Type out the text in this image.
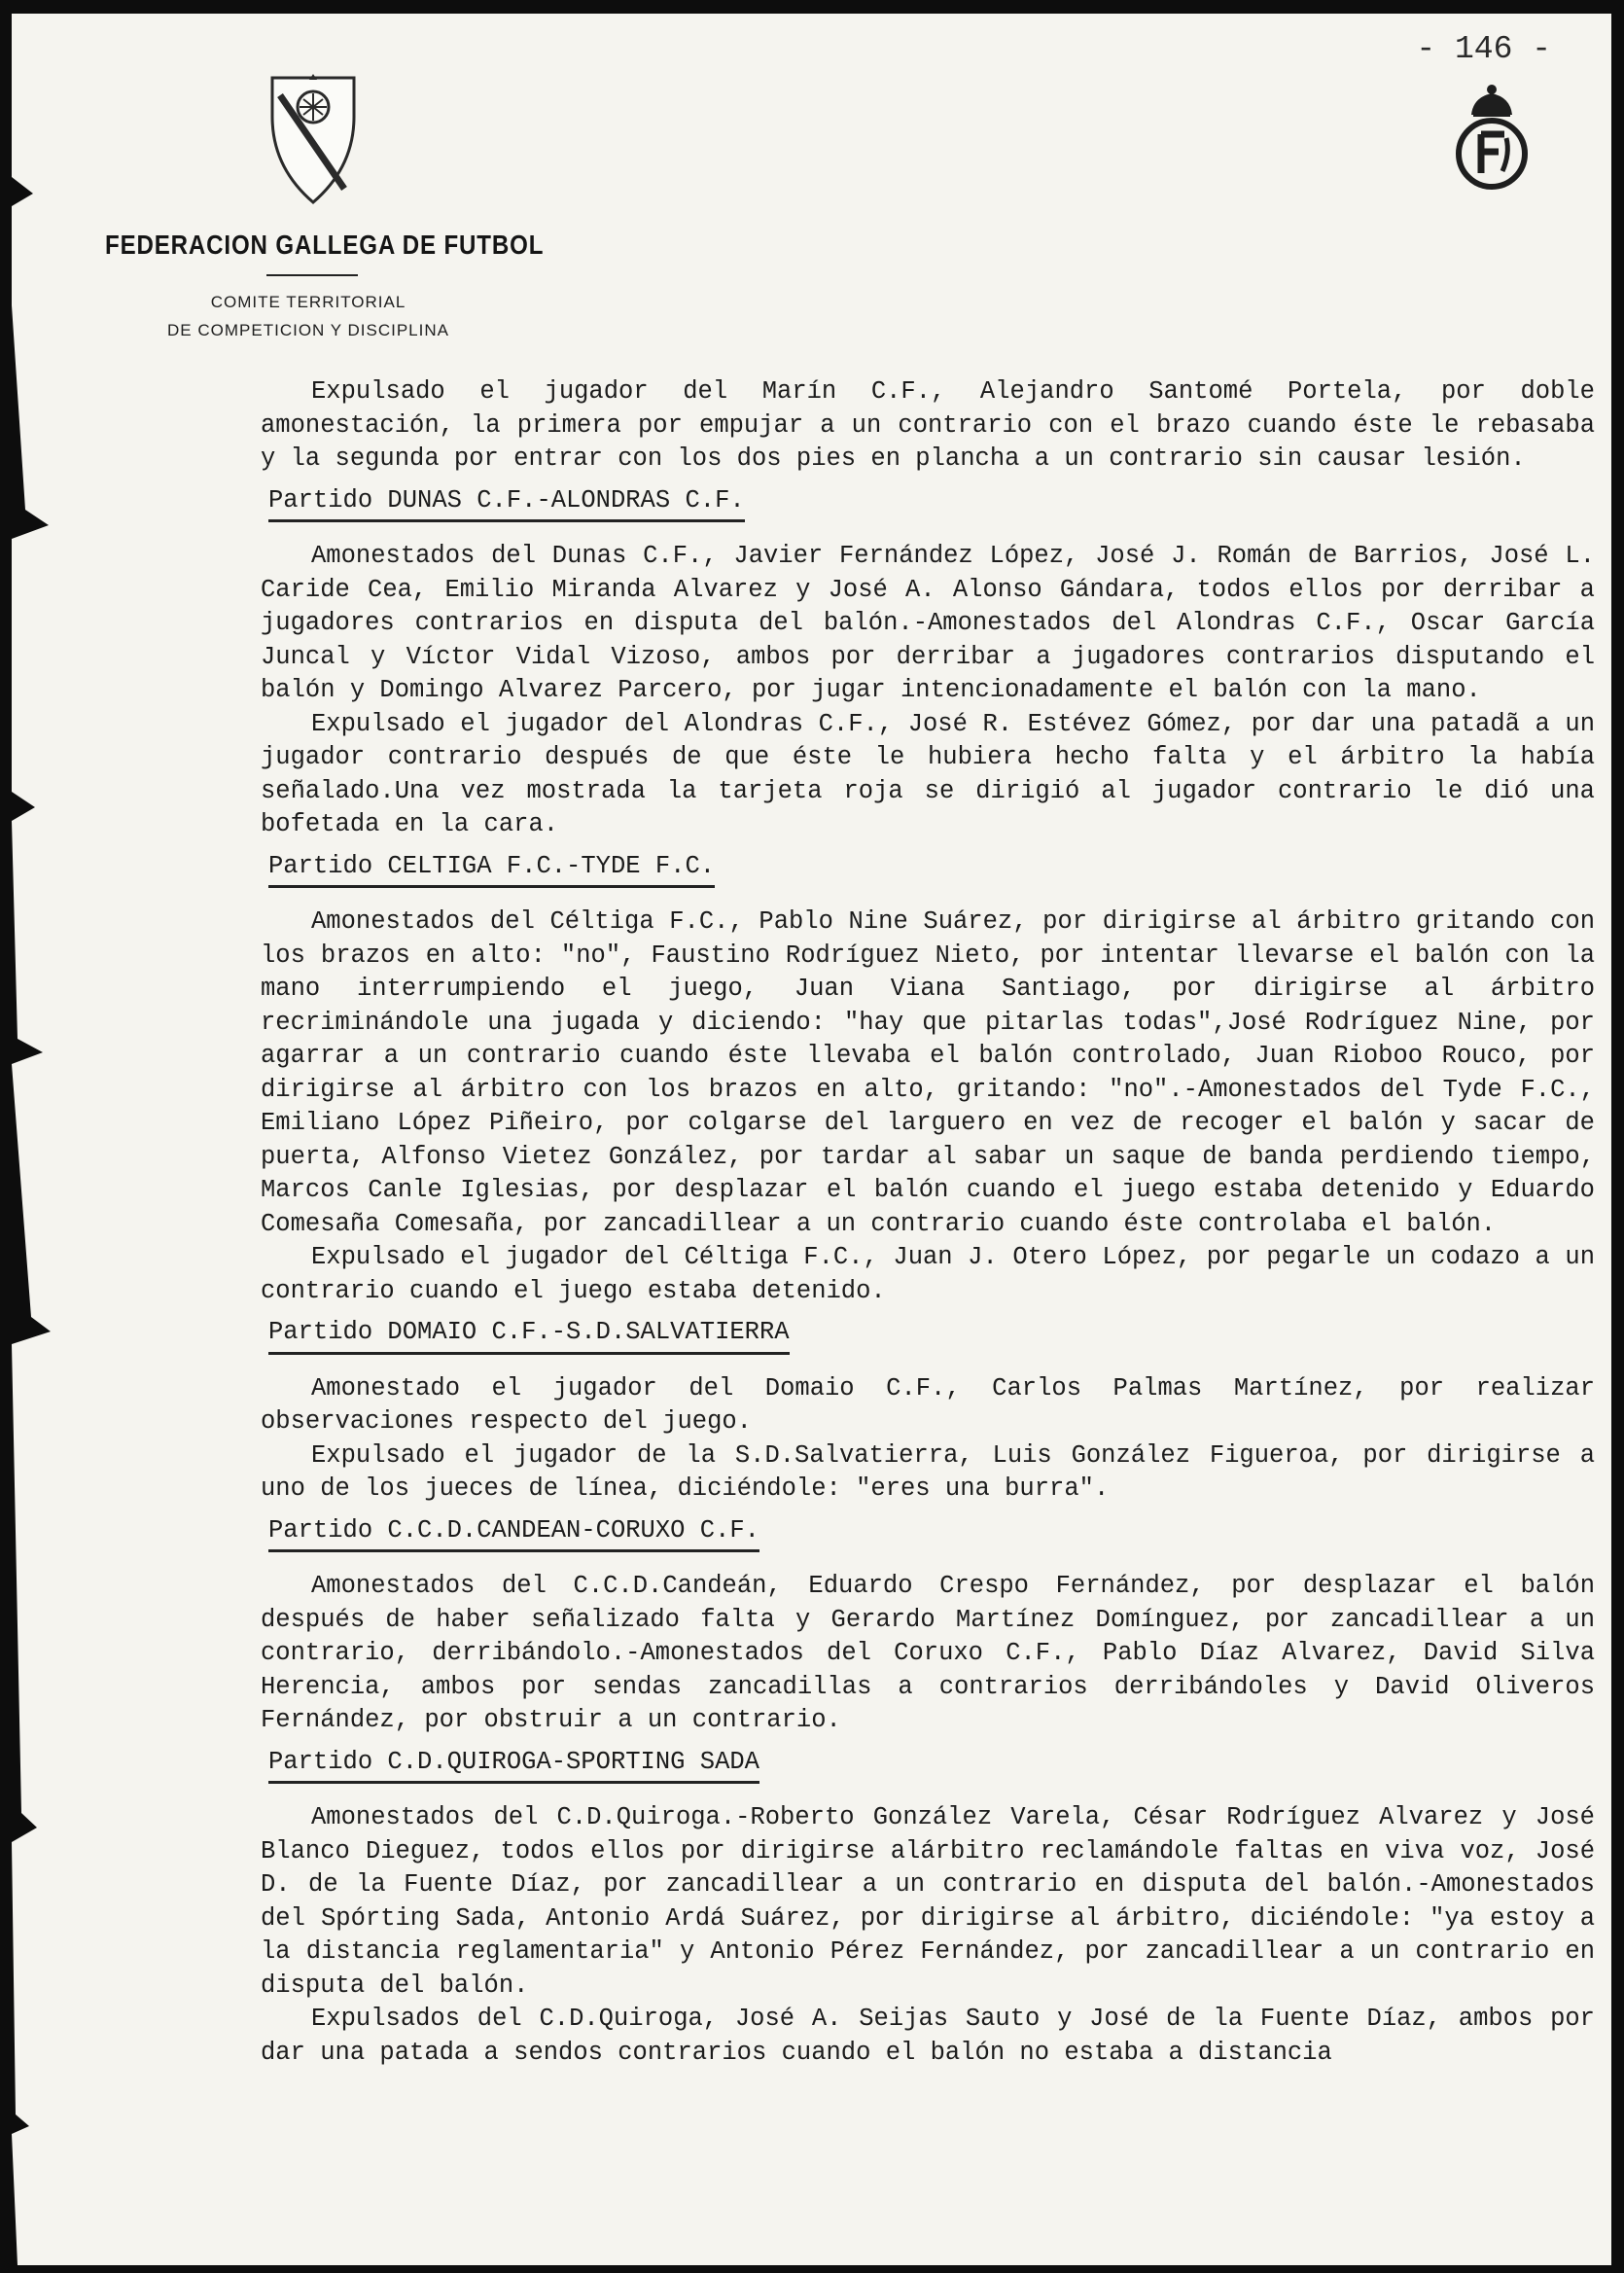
- 146 -
FEDERACION GALLEGA DE FUTBOL
COMITE TERRITORIAL
DE COMPETICION Y DISCIPLINA

Expulsado el jugador del Marín C.F., Alejandro Santomé Portela, por doble amonestación, la primera por empujar a un contrario con el brazo cuando éste le rebasaba y la segunda por entrar con los dos pies en plancha a un contrario sin causar lesión.

Partido DUNAS C.F.-ALONDRAS C.F.

Amonestados del Dunas C.F., Javier Fernández López, José J. Román de Barrios, José L. Caride Cea, Emilio Miranda Alvarez y José A. Alonso Gándara, todos ellos por derribar a jugadores contrarios en disputa del balón.-Amonestados del Alondras C.F., Oscar García Juncal y Víctor Vidal Vizoso, ambos por derribar a jugadores contrarios disputando el balón y Domingo Alvarez Parcero, por jugar intencionadamente el balón con la mano.

Expulsado el jugador del Alondras C.F., José R. Estévez Gómez, por dar una patadã a un jugador contrario después de que éste le hubiera hecho falta y el árbitro la había señalado.Una vez mostrada la tarjeta roja se dirigió al jugador contrario le dió una bofetada en la cara.

Partido CELTIGA F.C.-TYDE F.C.

Amonestados del Céltiga F.C., Pablo Nine Suárez, por dirigirse al árbitro gritando con los brazos en alto: "no", Faustino Rodríguez Nieto, por intentar llevarse el balón con la mano interrumpiendo el juego, Juan Viana Santiago, por dirigirse al árbitro recriminándole una jugada y diciendo: "hay que pitarlas todas",José Rodríguez Nine, por agarrar a un contrario cuando éste llevaba el balón controlado, Juan Rioboo Rouco, por dirigirse al árbitro con los brazos en alto, gritando: "no".-Amonestados del Tyde F.C., Emiliano López Piñeiro, por colgarse del larguero en vez de recoger el balón y sacar de puerta, Alfonso Vietez González, por tardar al sabar un saque de banda perdiendo tiempo, Marcos Canle Iglesias, por desplazar el balón cuando el juego estaba detenido y Eduardo Comesaña Comesaña, por zancadillear a un contrario cuando éste controlaba el balón.

Expulsado el jugador del Céltiga F.C., Juan J. Otero López, por pegarle un codazo a un contrario cuando el juego estaba detenido.

Partido DOMAIO C.F.-S.D.SALVATIERRA

Amonestado el jugador del Domaio C.F., Carlos Palmas Martínez, por realizar observaciones respecto del juego.

Expulsado el jugador de la S.D.Salvatierra, Luis González Figueroa, por dirigirse a uno de los jueces de línea, diciéndole: "eres una burra".

Partido C.C.D.CANDEAN-CORUXO C.F.

Amonestados del C.C.D.Candeán, Eduardo Crespo Fernández, por desplazar el balón después de haber señalizado falta y Gerardo Martínez Domínguez, por zancadillear a un contrario, derribándolo.-Amonestados del Coruxo C.F., Pablo Díaz Alvarez, David Silva Herencia, ambos por sendas zancadillas a contrarios derribándoles y David Oliveros Fernández, por obstruir a un contrario.

Partido C.D.QUIROGA-SPORTING SADA

Amonestados del C.D.Quiroga.-Roberto González Varela, César Rodríguez Alvarez y José Blanco Dieguez, todos ellos por dirigirse alárbitro reclamándole faltas en viva voz, José D. de la Fuente Díaz, por zancadillear a un contrario en disputa del balón.-Amonestados del Spórting Sada, Antonio Ardá Suárez, por dirigirse al árbitro, diciéndole: "ya estoy a la distancia reglamentaria" y Antonio Pérez Fernández, por zancadillear a un contrario en disputa del balón.

Expulsados del C.D.Quiroga, José A. Seijas Sauto y José de la Fuente Díaz, ambos por dar una patada a sendos contrarios cuando el balón no estaba a distancia
